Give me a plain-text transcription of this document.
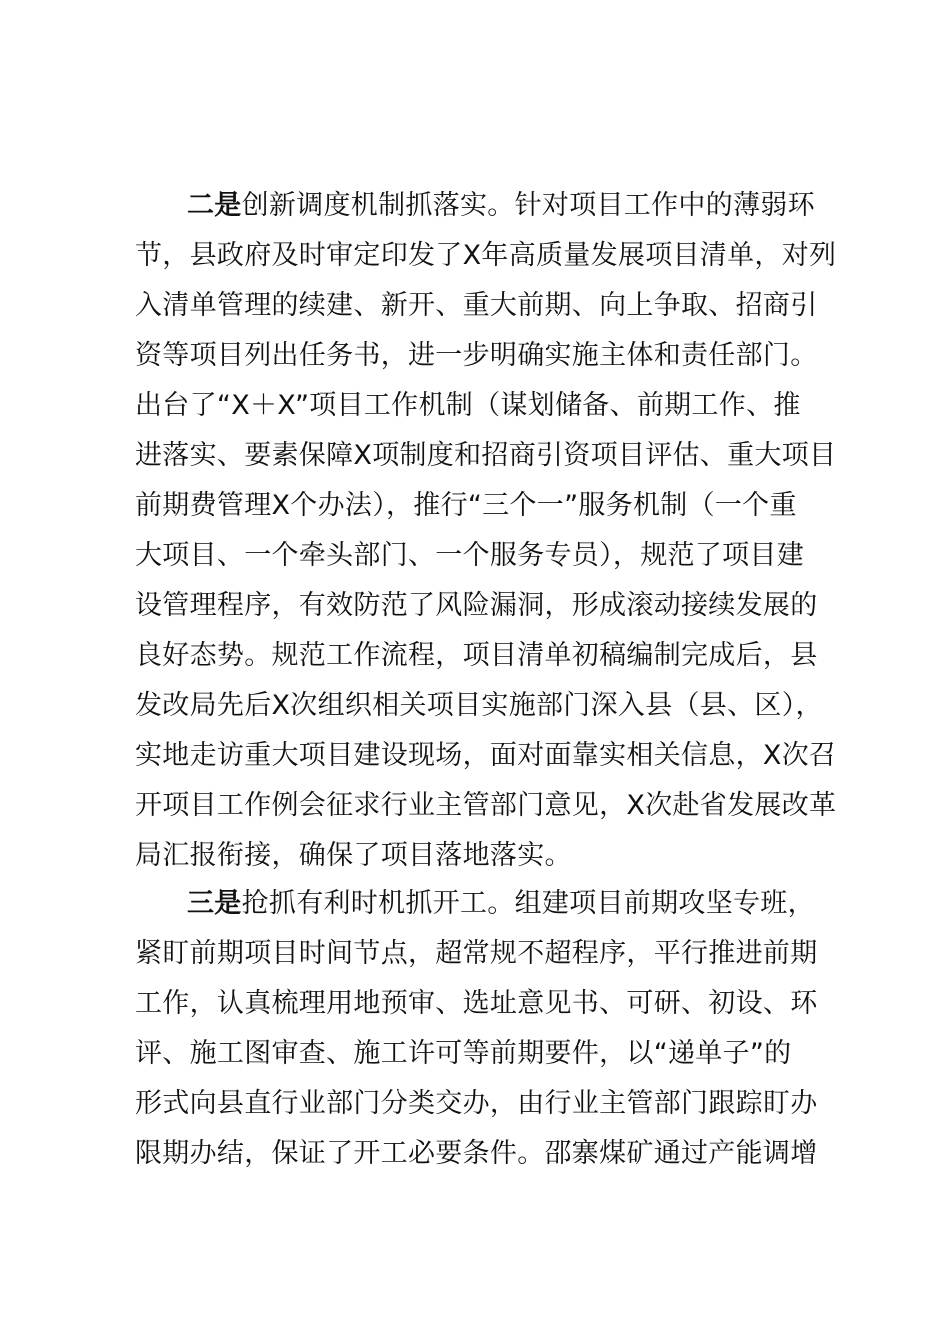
二是创新调度机制抓落实。针对项目工作中的薄弱环

节，县政府及时审定印发了X年高质量发展项目清单，对列

入清单管理的续建、新开、重大前期、向上争取、招商引

资等项目列出任务书，进一步明确实施主体和责任部门。

出台了“X＋X”项目工作机制（谋划储备、前期工作、推

进落实、要素保障X项制度和招商引资项目评估、重大项目

前期费管理X个办法），推行“三个一”服务机制（一个重

大项目、一个牵头部门、一个服务专员），规范了项目建

设管理程序，有效防范了风险漏洞，形成滚动接续发展的

良好态势。规范工作流程，项目清单初稿编制完成后，县

发改局先后X次组织相关项目实施部门深入县（县、区），

实地走访重大项目建设现场，面对面靠实相关信息，X次召

开项目工作例会征求行业主管部门意见，X次赴省发展改革

局汇报衔接，确保了项目落地落实。

三是抢抓有利时机抓开工。组建项目前期攻坚专班，

紧盯前期项目时间节点，超常规不超程序，平行推进前期

工作，认真梳理用地预审、选址意见书、可研、初设、环

评、施工图审查、施工许可等前期要件，以“递单子”的

形式向县直行业部门分类交办，由行业主管部门跟踪盯办

限期办结，保证了开工必要条件。邵寨煤矿通过产能调增
